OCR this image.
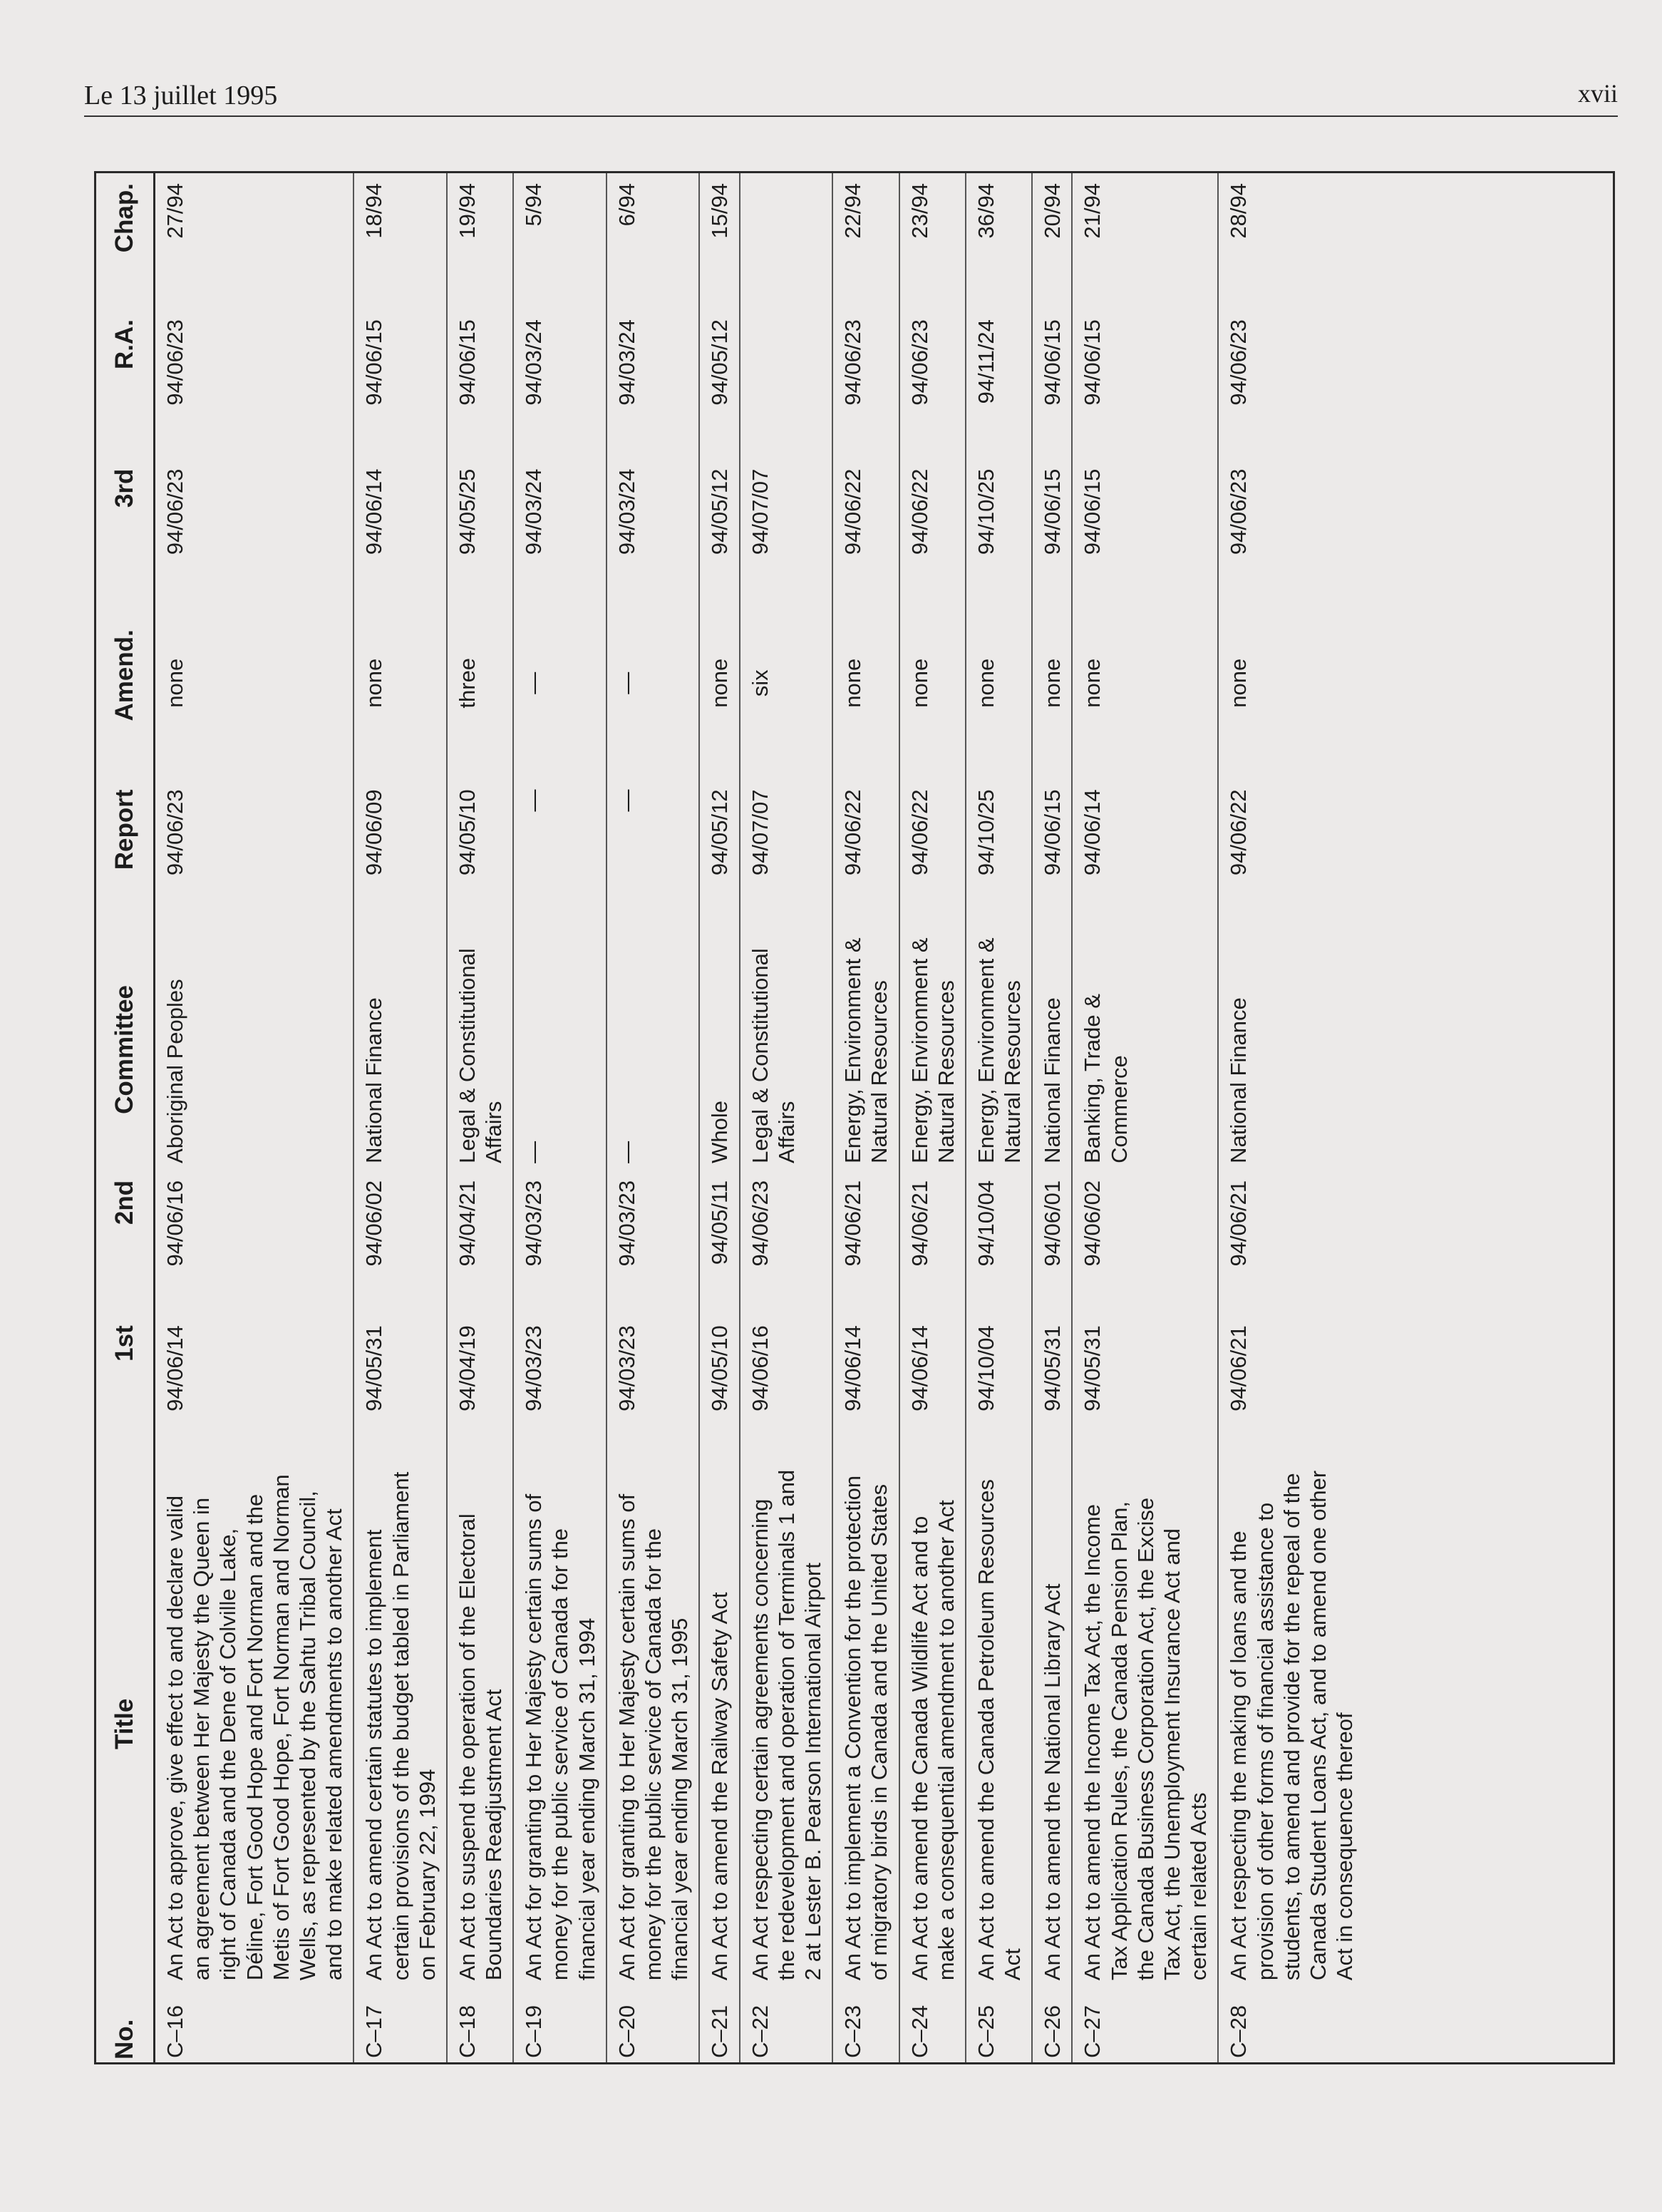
Le 13 juillet 1995	xvii
No.	Title	1st	2nd	Committee	Report	Amend.	3rd	R.A.	Chap.
C–16	An Act to approve, give effect to and declare valid an agreement between Her Majesty the Queen in right of Canada and the Dene of Colville Lake, Déline, Fort Good Hope and Fort Norman and the Metis of Fort Good Hope, Fort Norman and Norman Wells, as represented by the Sahtu Tribal Council, and to make related amendments to another Act	94/06/14	94/06/16	Aboriginal Peoples	94/06/23	none	94/06/23	94/06/23	27/94
C–17	An Act to amend certain statutes to implement certain provisions of the budget tabled in Parliament on February 22, 1994	94/05/31	94/06/02	National Finance	94/06/09	none	94/06/14	94/06/15	18/94
C–18	An Act to suspend the operation of the Electoral Boundaries Readjustment Act	94/04/19	94/04/21	Legal & Constitutional Affairs	94/05/10	three	94/05/25	94/06/15	19/94
C–19	An Act for granting to Her Majesty certain sums of money for the public service of Canada for the financial year ending March 31, 1994	94/03/23	94/03/23	—	—	—	94/03/24	94/03/24	5/94
C–20	An Act for granting to Her Majesty certain sums of money for the public service of Canada for the financial year ending March 31, 1995	94/03/23	94/03/23	—	—	—	94/03/24	94/03/24	6/94
C–21	An Act to amend the Railway Safety Act	94/05/10	94/05/11	Whole	94/05/12	none	94/05/12	94/05/12	15/94
C–22	An Act respecting certain agreements concerning the redevelopment and operation of Terminals 1 and 2 at Lester B. Pearson International Airport	94/06/16	94/06/23	Legal & Constitutional Affairs	94/07/07	six	94/07/07		
C–23	An Act to implement a Convention for the protection of migratory birds in Canada and the United States	94/06/14	94/06/21	Energy, Environment & Natural Resources	94/06/22	none	94/06/22	94/06/23	22/94
C–24	An Act to amend the Canada Wildlife Act and to make a consequential amendment to another Act	94/06/14	94/06/21	Energy, Environment & Natural Resources	94/06/22	none	94/06/22	94/06/23	23/94
C–25	An Act to amend the Canada Petroleum Resources Act	94/10/04	94/10/04	Energy, Environment & Natural Resources	94/10/25	none	94/10/25	94/11/24	36/94
C–26	An Act to amend the National Library Act	94/05/31	94/06/01	National Finance	94/06/15	none	94/06/15	94/06/15	20/94
C–27	An Act to amend the Income Tax Act, the Income Tax Application Rules, the Canada Pension Plan, the Canada Business Corporation Act, the Excise Tax Act, the Unemployment Insurance Act and certain related Acts	94/05/31	94/06/02	Banking, Trade & Commerce	94/06/14	none	94/06/15	94/06/15	21/94
C–28	An Act respecting the making of loans and the provision of other forms of financial assistance to students, to amend and provide for the repeal of the Canada Student Loans Act, and to amend one other Act in consequence thereof	94/06/21	94/06/21	National Finance	94/06/22	none	94/06/23	94/06/23	28/94
